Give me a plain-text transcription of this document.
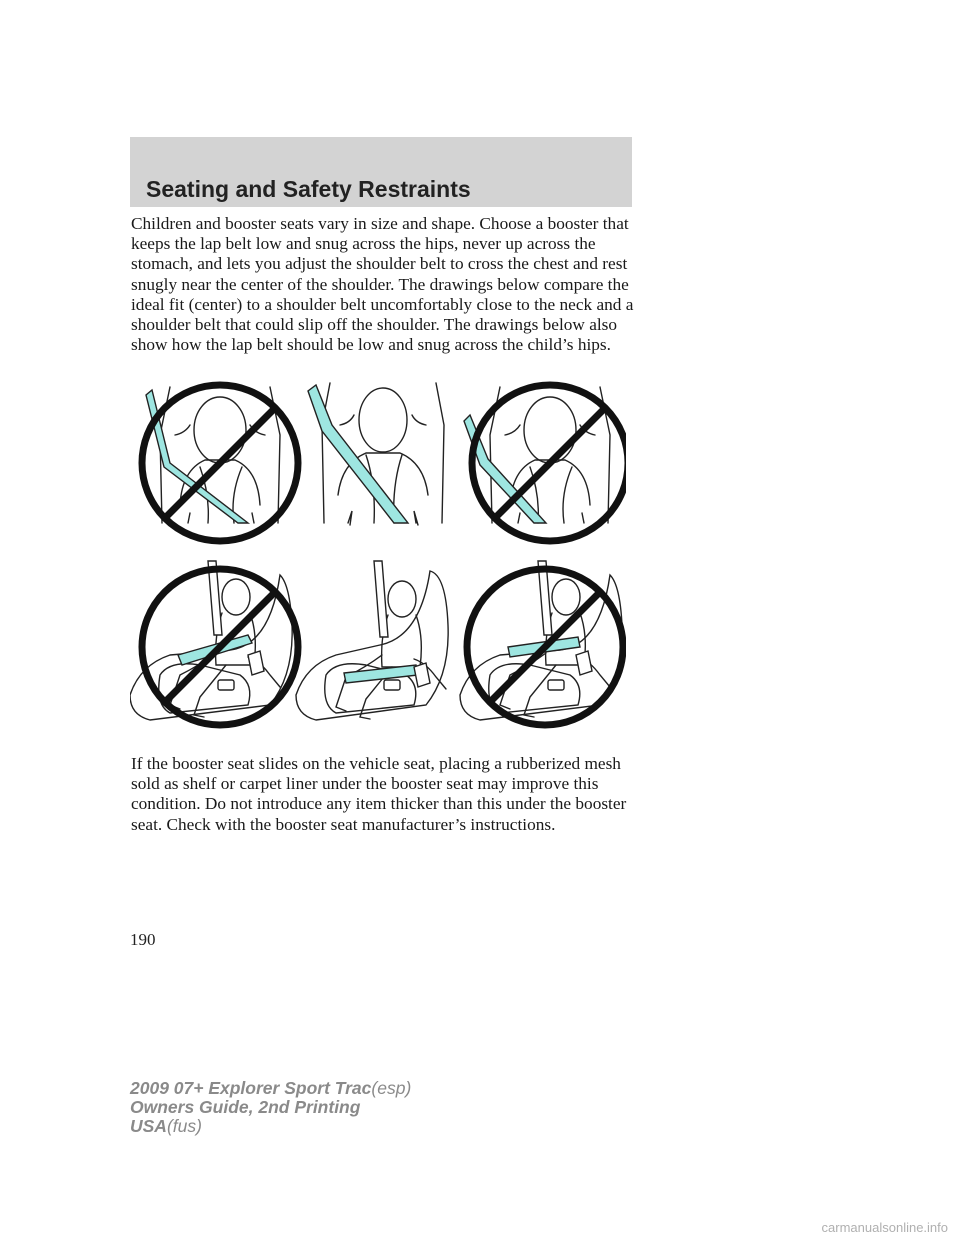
Seating and Safety Restraints

Children and booster seats vary in size and shape. Choose a booster that keeps the lap belt low and snug across the hips, never up across the stomach, and lets you adjust the shoulder belt to cross the chest and rest snugly near the center of the shoulder. The drawings below compare the ideal fit (center) to a shoulder belt uncomfortably close to the neck and a shoulder belt that could slip off the shoulder. The drawings below also show how the lap belt should be low and snug across the child’s hips.

If the booster seat slides on the vehicle seat, placing a rubberized mesh sold as shelf or carpet liner under the booster seat may improve this condition. Do not introduce any item thicker than this under the booster seat. Check with the booster seat manufacturer’s instructions.

190
2009 07+ Explorer Sport Trac(esp)
Owners Guide, 2nd Printing
USA(fus)
carmanualsonline.info
